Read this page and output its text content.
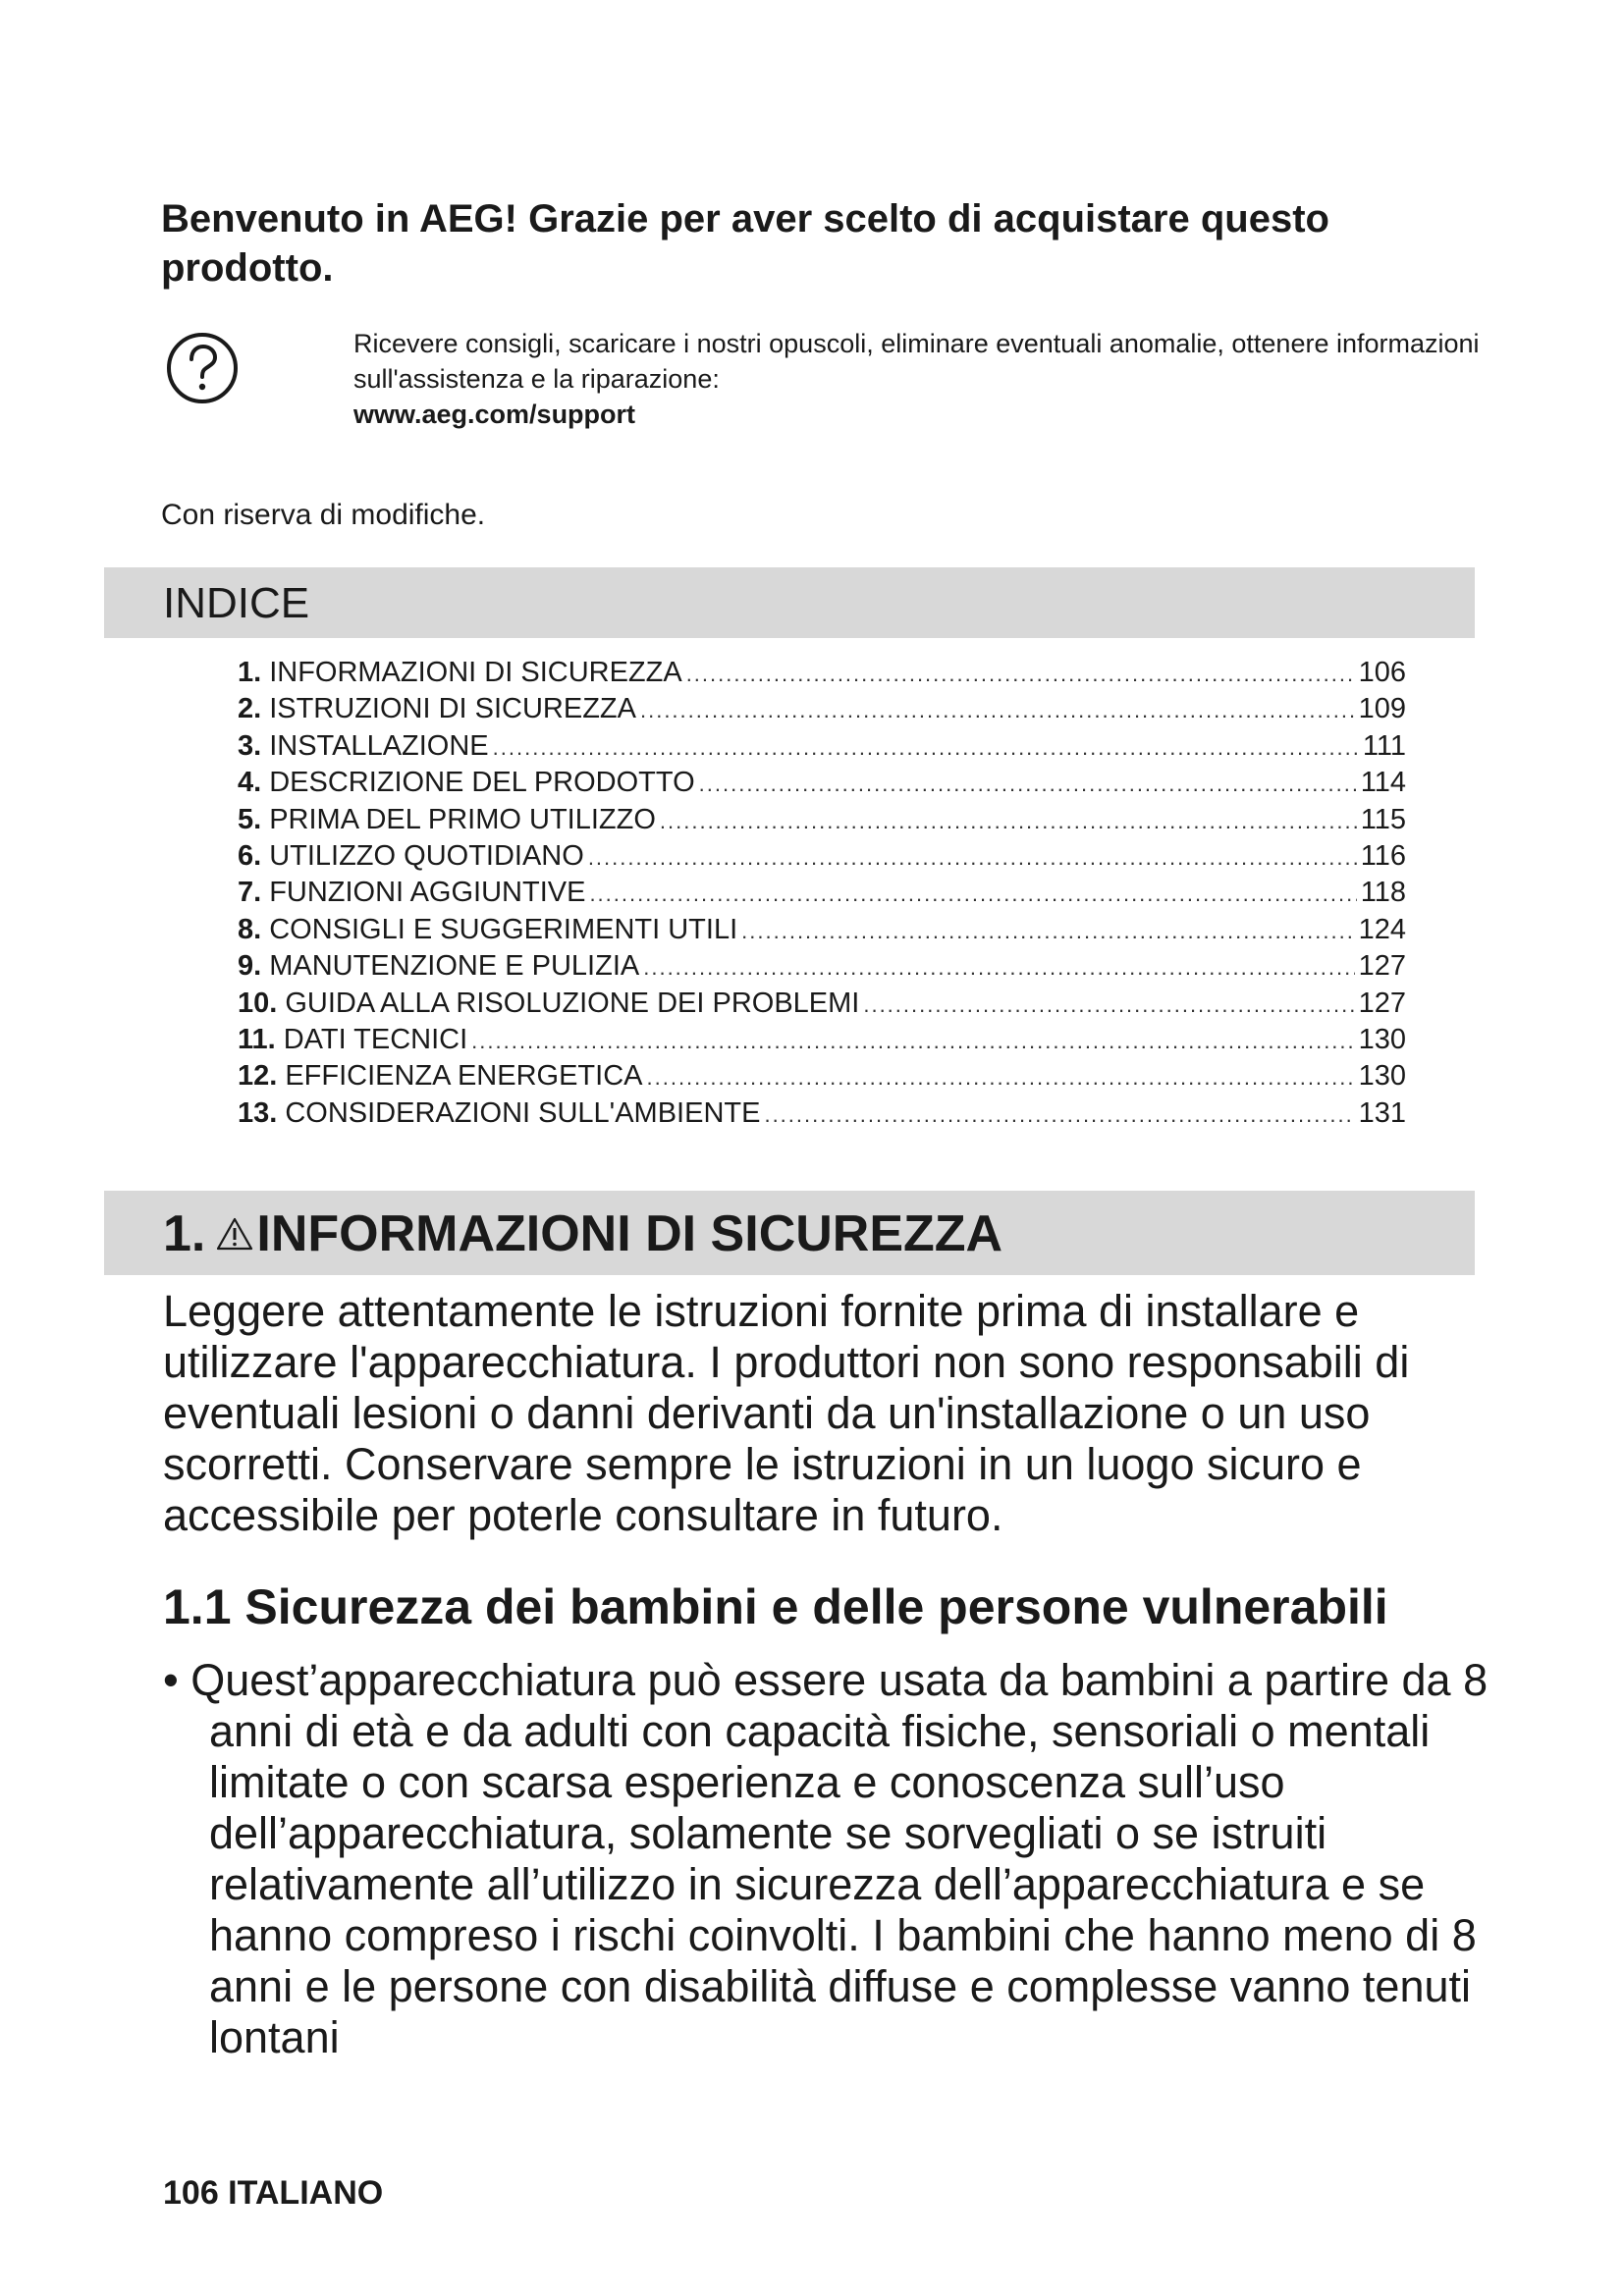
Benvenuto in AEG! Grazie per aver scelto di acquistare questo prodotto.
Ricevere consigli, scaricare i nostri opuscoli, eliminare eventuali anomalie, ottenere informazioni sull'assistenza e la riparazione:
www.aeg.com/support
Con riserva di modifiche.
INDICE
1. INFORMAZIONI DI SICUREZZA .....	106
2. ISTRUZIONI DI SICUREZZA .....	109
3. INSTALLAZIONE .....	111
4. DESCRIZIONE DEL PRODOTTO .....	114
5. PRIMA DEL PRIMO UTILIZZO .....	115
6. UTILIZZO QUOTIDIANO .....	116
7. FUNZIONI AGGIUNTIVE .....	118
8. CONSIGLI E SUGGERIMENTI UTILI .....	124
9. MANUTENZIONE E PULIZIA .....	127
10. GUIDA ALLA RISOLUZIONE DEI PROBLEMI .....	127
11. DATI TECNICI .....	130
12. EFFICIENZA ENERGETICA .....	130
13. CONSIDERAZIONI SULL'AMBIENTE .....	131
1. INFORMAZIONI DI SICUREZZA

Leggere attentamente le istruzioni fornite prima di installare e utilizzare l'apparecchiatura. I produttori non sono responsabili di eventuali lesioni o danni derivanti da un'installazione o un uso scorretti. Conservare sempre le istruzioni in un luogo sicuro e accessibile per poterle consultare in futuro.

1.1 Sicurezza dei bambini e delle persone vulnerabili

• Quest’apparecchiatura può essere usata da bambini a partire da 8 anni di età e da adulti con capacità fisiche, sensoriali o mentali limitate o con scarsa esperienza e conoscenza sull’uso dell’apparecchiatura, solamente se sorvegliati o se istruiti relativamente all’utilizzo in sicurezza dell’apparecchiatura e se hanno compreso i rischi coinvolti. I bambini che hanno meno di 8 anni e le persone con disabilità diffuse e complesse vanno tenuti lontani

106 ITALIANO
